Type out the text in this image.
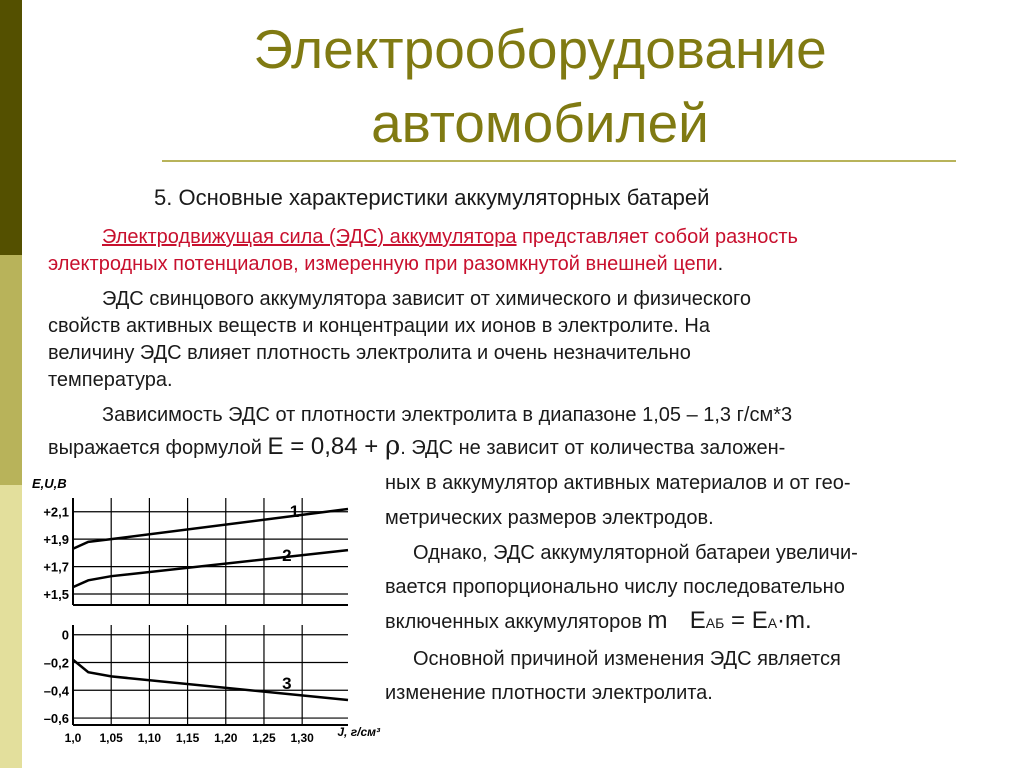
Электрооборудование
автомобилей
5. Основные характеристики аккумуляторных батарей
Электродвижущая сила (ЭДС) аккумулятора представляет собой разность
электродных потенциалов, измеренную при разомкнутой внешней цепи.
ЭДС свинцового аккумулятора зависит от химического и физического
свойств активных веществ и концентрации их ионов в электролите. На
величину ЭДС влияет плотность электролита и очень незначительно
температура.
Зависимость ЭДС от плотности электролита в диапазоне 1,05 – 1,3 г/см*3
выражается формулой E = 0,84 + ρ. ЭДС не зависит от количества заложен-
ных в аккумулятор активных материалов и от гео-
метрических размеров электродов.
Однако, ЭДС аккумуляторной батареи увеличи-
вается пропорционально числу последовательно
включенных аккумуляторов m EАБ = EА·m.
Основной причиной изменения ЭДС является
изменение плотности электролита.
+2,1
+1,9
+1,7
+1,5
E,U,B
1
2
0
–0,2
–0,4
–0,6
3
1,0 1,05 1,10 1,15 1,20 1,25 1,30 J, г/см³
